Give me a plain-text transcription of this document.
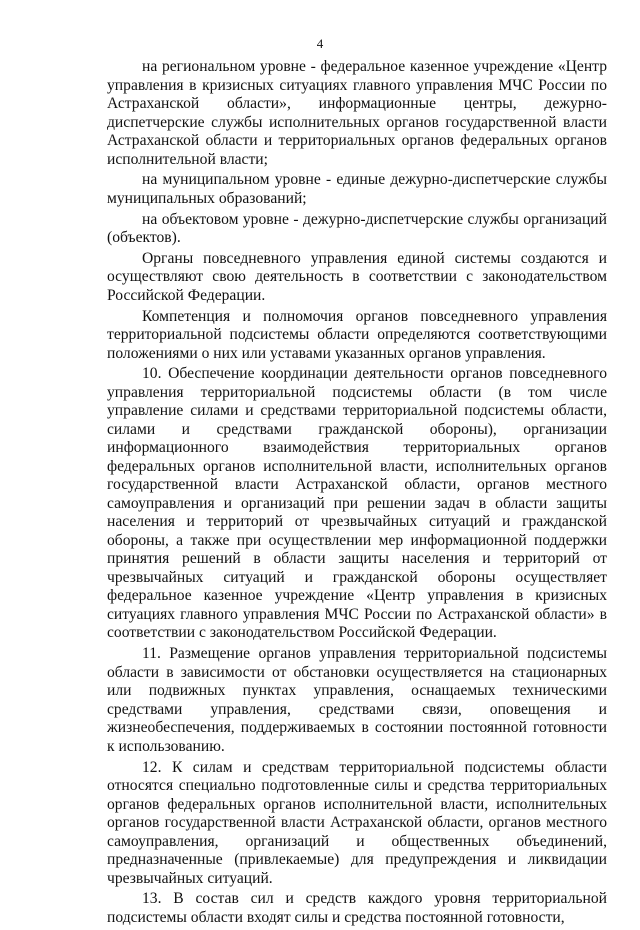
4

на региональном уровне - федеральное казенное учреждение «Центр управления в кризисных ситуациях главного управления МЧС России по Астраханской области», информационные центры, дежурно-диспетчерские службы исполнительных органов государственной власти Астраханской области и территориальных органов федеральных органов исполнительной власти;

на муниципальном уровне - единые дежурно-диспетчерские службы муниципальных образований;

на объектовом уровне - дежурно-диспетчерские службы организаций (объектов).

Органы повседневного управления единой системы создаются и осуществляют свою деятельность в соответствии с законодательством Российской Федерации.

Компетенция и полномочия органов повседневного управления территориальной подсистемы области определяются соответствующими положениями о них или уставами указанных органов управления.

10. Обеспечение координации деятельности органов повседневного управления территориальной подсистемы области (в том числе управление силами и средствами территориальной подсистемы области, силами и средствами гражданской обороны), организации информационного взаимодействия территориальных органов федеральных органов исполнительной власти, исполнительных органов государственной власти Астраханской области, органов местного самоуправления и организаций при решении задач в области защиты населения и территорий от чрезвычайных ситуаций и гражданской обороны, а также при осуществлении мер информационной поддержки принятия решений в области защиты населения и территорий от чрезвычайных ситуаций и гражданской обороны осуществляет федеральное казенное учреждение «Центр управления в кризисных ситуациях главного управления МЧС России по Астраханской области» в соответствии с законодательством Российской Федерации.

11. Размещение органов управления территориальной подсистемы области в зависимости от обстановки осуществляется на стационарных или подвижных пунктах управления, оснащаемых техническими средствами управления, средствами связи, оповещения и жизнеобеспечения, поддерживаемых в состоянии постоянной готовности к использованию.

12. К силам и средствам территориальной подсистемы области относятся специально подготовленные силы и средства территориальных органов федеральных органов исполнительной власти, исполнительных органов государственной власти Астраханской области, органов местного самоуправления, организаций и общественных объединений, предназначенные (привлекаемые) для предупреждения и ликвидации чрезвычайных ситуаций.

13. В состав сил и средств каждого уровня территориальной подсистемы области входят силы и средства постоянной готовности,
